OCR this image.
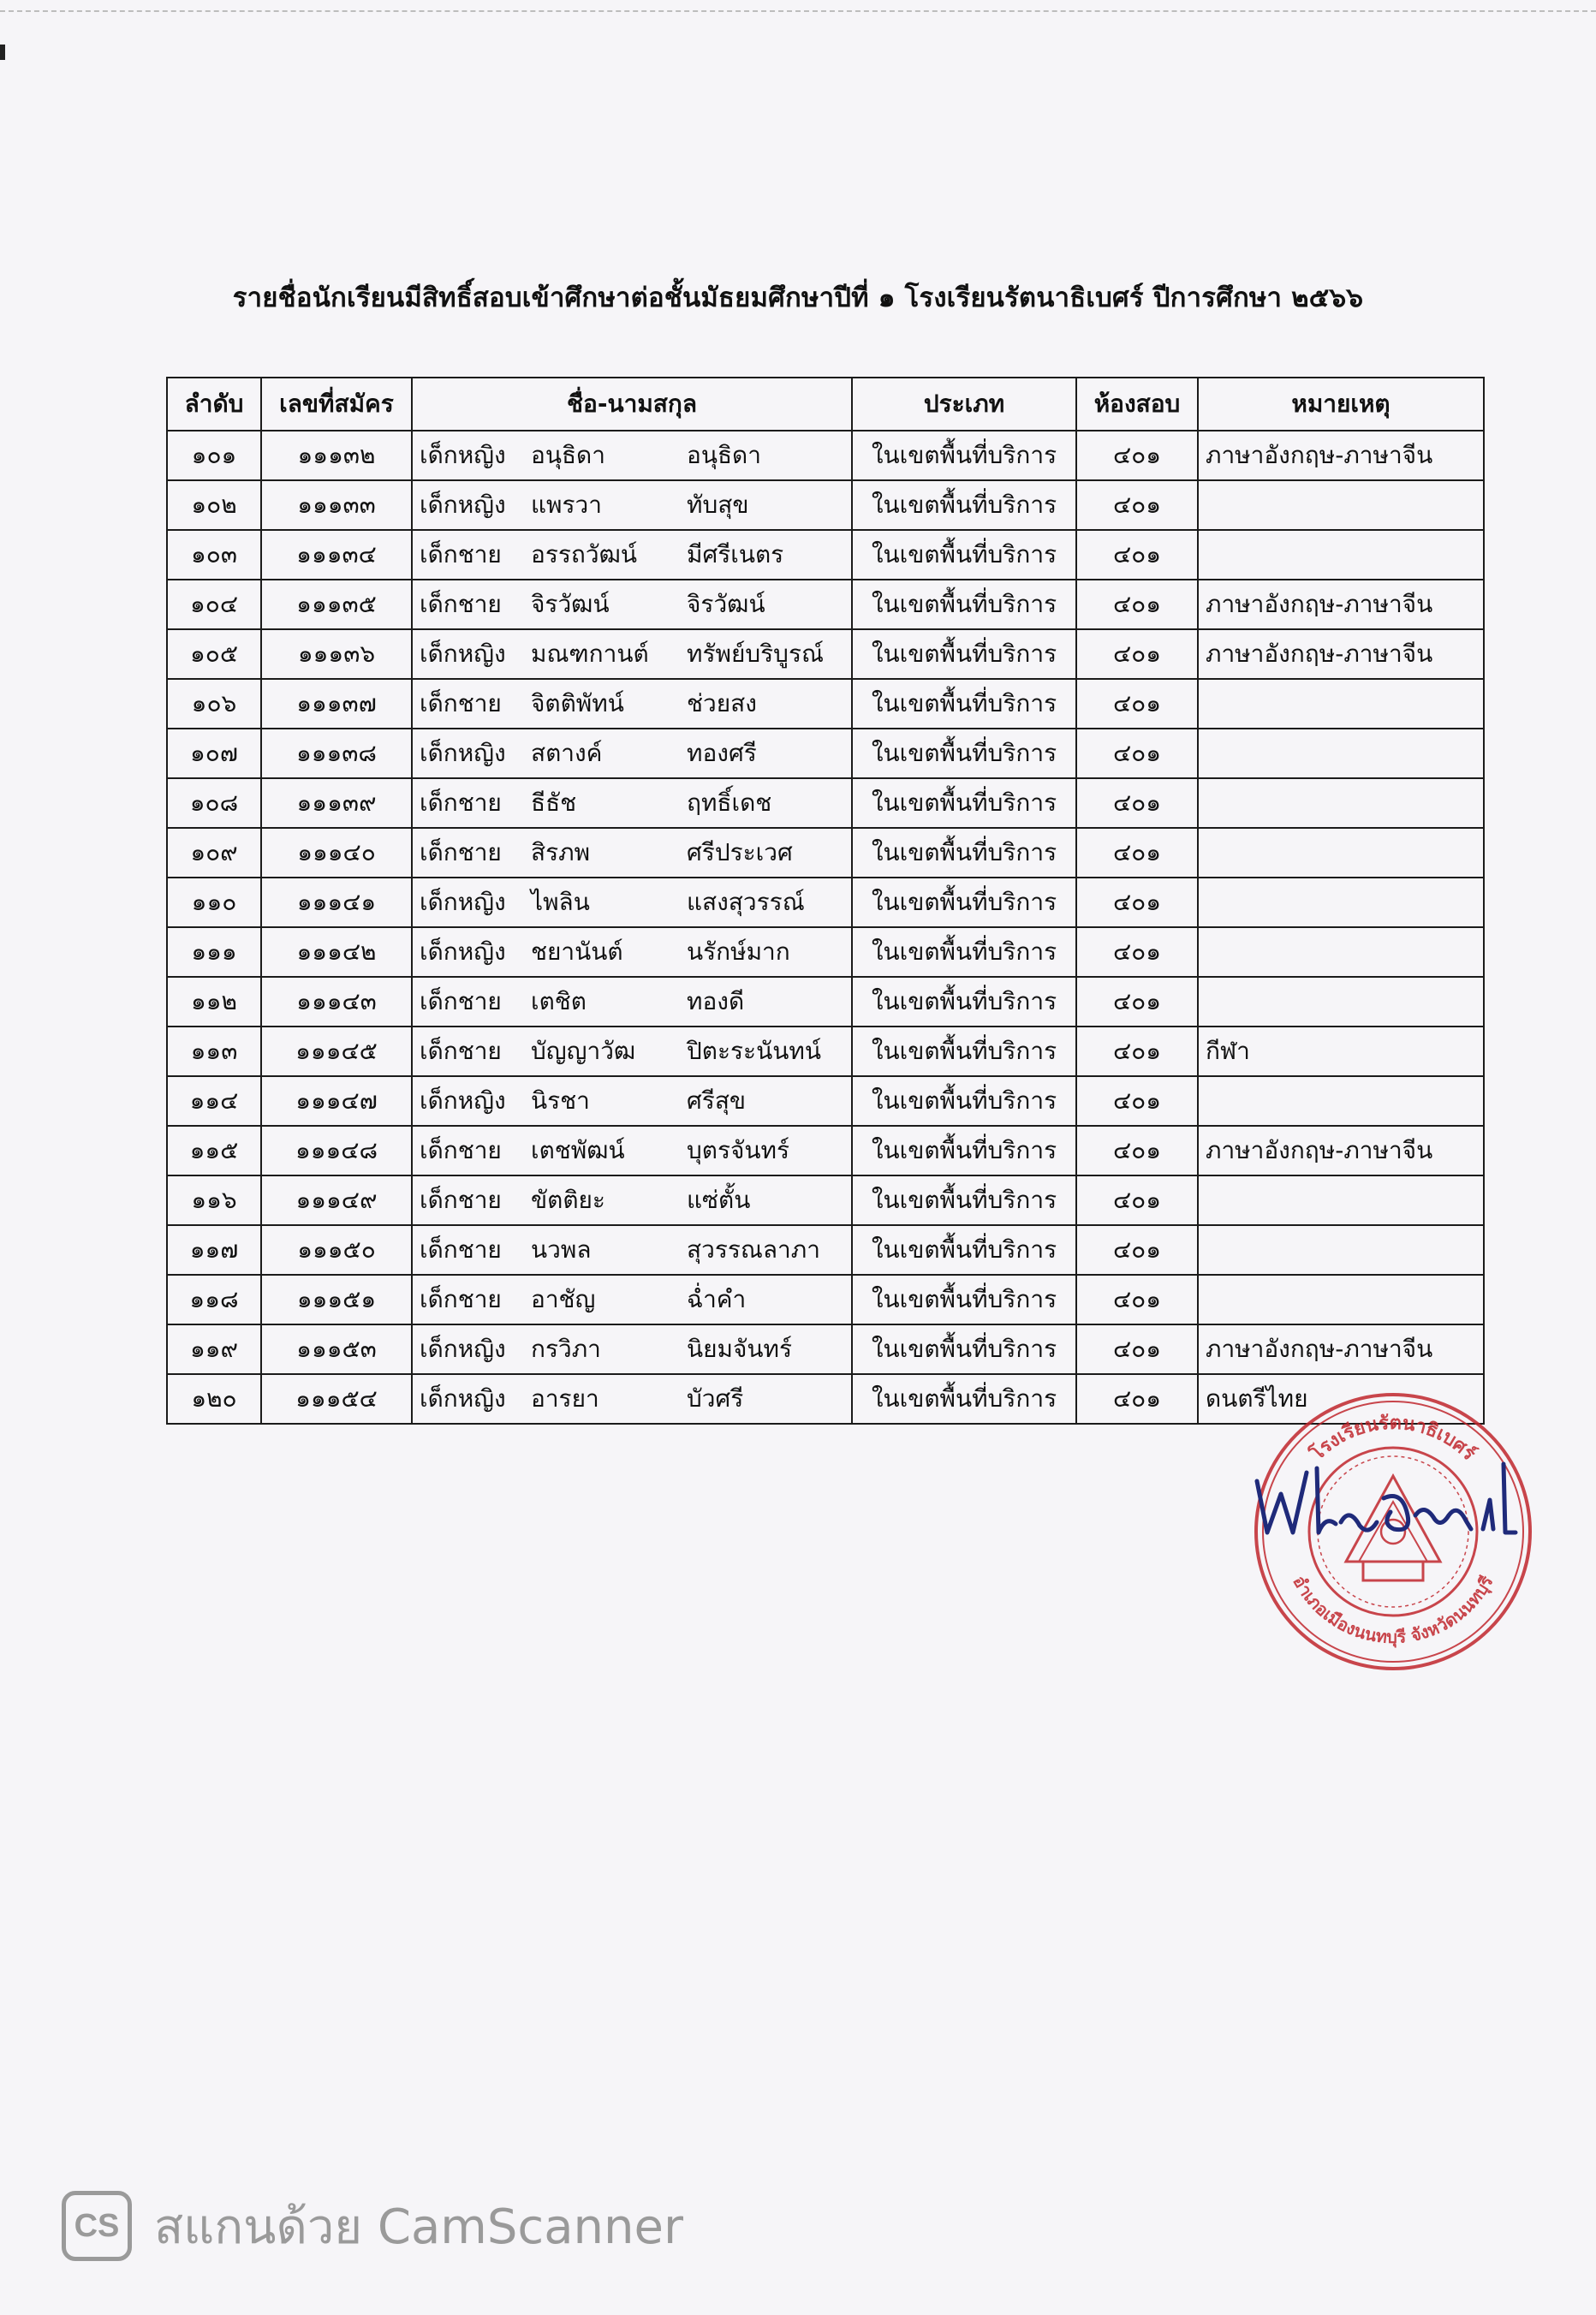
รายชื่อนักเรียนมีสิทธิ์สอบเข้าศึกษาต่อชั้นมัธยมศึกษาปีที่ ๑ โรงเรียนรัตนาธิเบศร์ ปีการศึกษา ๒๕๖๖
ลำดับ	เลขที่สมัคร	ชื่อ-นามสกุล	ประเภท	ห้องสอบ	หมายเหตุ
๑๐๑	๑๑๑๓๒	เด็กหญิง อนุธิดา อนุธิดา	ในเขตพื้นที่บริการ	๔๐๑	ภาษาอังกฤษ-ภาษาจีน
๑๐๒	๑๑๑๓๓	เด็กหญิง แพรวา ทับสุข	ในเขตพื้นที่บริการ	๔๐๑	
๑๐๓	๑๑๑๓๔	เด็กชาย อรรถวัฒน์ มีศรีเนตร	ในเขตพื้นที่บริการ	๔๐๑	
๑๐๔	๑๑๑๓๕	เด็กชาย จิรวัฒน์ จิรวัฒน์	ในเขตพื้นที่บริการ	๔๐๑	ภาษาอังกฤษ-ภาษาจีน
๑๐๕	๑๑๑๓๖	เด็กหญิง มณฑกานต์ ทรัพย์บริบูรณ์	ในเขตพื้นที่บริการ	๔๐๑	ภาษาอังกฤษ-ภาษาจีน
๑๐๖	๑๑๑๓๗	เด็กชาย จิตติพัทน์ ช่วยสง	ในเขตพื้นที่บริการ	๔๐๑	
๑๐๗	๑๑๑๓๘	เด็กหญิง สตางค์ ทองศรี	ในเขตพื้นที่บริการ	๔๐๑	
๑๐๘	๑๑๑๓๙	เด็กชาย ธีธัช ฤทธิ์เดช	ในเขตพื้นที่บริการ	๔๐๑	
๑๐๙	๑๑๑๔๐	เด็กชาย สิรภพ ศรีประเวศ	ในเขตพื้นที่บริการ	๔๐๑	
๑๑๐	๑๑๑๔๑	เด็กหญิง ไพลิน แสงสุวรรณ์	ในเขตพื้นที่บริการ	๔๐๑	
๑๑๑	๑๑๑๔๒	เด็กหญิง ชยานันต์ นรักษ์มาก	ในเขตพื้นที่บริการ	๔๐๑	
๑๑๒	๑๑๑๔๓	เด็กชาย เตชิต ทองดี	ในเขตพื้นที่บริการ	๔๐๑	
๑๑๓	๑๑๑๔๕	เด็กชาย บัญญาวัฒ ปิตะระนันทน์	ในเขตพื้นที่บริการ	๔๐๑	กีฬา
๑๑๔	๑๑๑๔๗	เด็กหญิง นิรชา ศรีสุข	ในเขตพื้นที่บริการ	๔๐๑	
๑๑๕	๑๑๑๔๘	เด็กชาย เตชพัฒน์ บุตรจันทร์	ในเขตพื้นที่บริการ	๔๐๑	ภาษาอังกฤษ-ภาษาจีน
๑๑๖	๑๑๑๔๙	เด็กชาย ขัตติยะ แซ่ตั้น	ในเขตพื้นที่บริการ	๔๐๑	
๑๑๗	๑๑๑๕๐	เด็กชาย นวพล สุวรรณลาภา	ในเขตพื้นที่บริการ	๔๐๑	
๑๑๘	๑๑๑๕๑	เด็กชาย อาชัญ ฉ่ำคำ	ในเขตพื้นที่บริการ	๔๐๑	
๑๑๙	๑๑๑๕๓	เด็กหญิง กรวิภา นิยมจันทร์	ในเขตพื้นที่บริการ	๔๐๑	ภาษาอังกฤษ-ภาษาจีน
๑๒๐	๑๑๑๕๔	เด็กหญิง อารยา บัวศรี	ในเขตพื้นที่บริการ	๔๐๑	ดนตรีไทย
โรงเรียนรัตนาธิเบศร์
อำเภอเมืองนนทบุรี จังหวัดนนทบุรี
CS สแกนด้วย CamScanner
